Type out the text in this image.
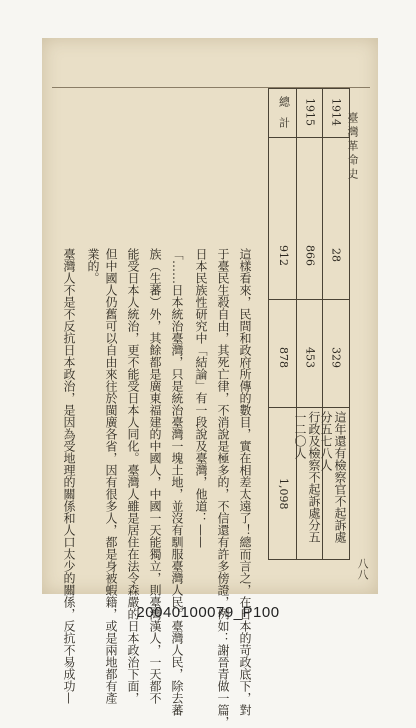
臺灣革命史
1914
28
329
1915
866
453
總計
912
878
1,098	這年還有檢察官不起訴處分五七八人
行政及檢察不起訴處分五一二〇人
這樣看來，民間和政府所傳的數目，實在相差太遠了！總而言之，在日本的苛政底下，對
于臺民生殺自由，其死亡律，不消說是極多的，不信還有許多傍證，例如：謝晉青做一篇，
日本民族性研究中「結論」有一段說及臺灣，他道：——
「……日本統治臺灣，只是統治臺灣一塊土地，並沒有馴服臺灣人民。臺灣人民，除去蕃
族（生蕃）外，其餘都是廣東福建的中國人，中國一天能獨立，則臺灣漢人，一天都不
能受日本人統治，更不能受日本人同化。臺灣人雖是居住在法令森嚴的日本政治下面，
但中國人仍舊可以自由來往於閩廣各省，因有很多人，都是身被蝦籍，或是兩地都有產
業的。
臺灣人不是不反抗日本政治，是因為受地理的關係和人口太少的關係，反抗不易成功—	八八
20040100079_P100
